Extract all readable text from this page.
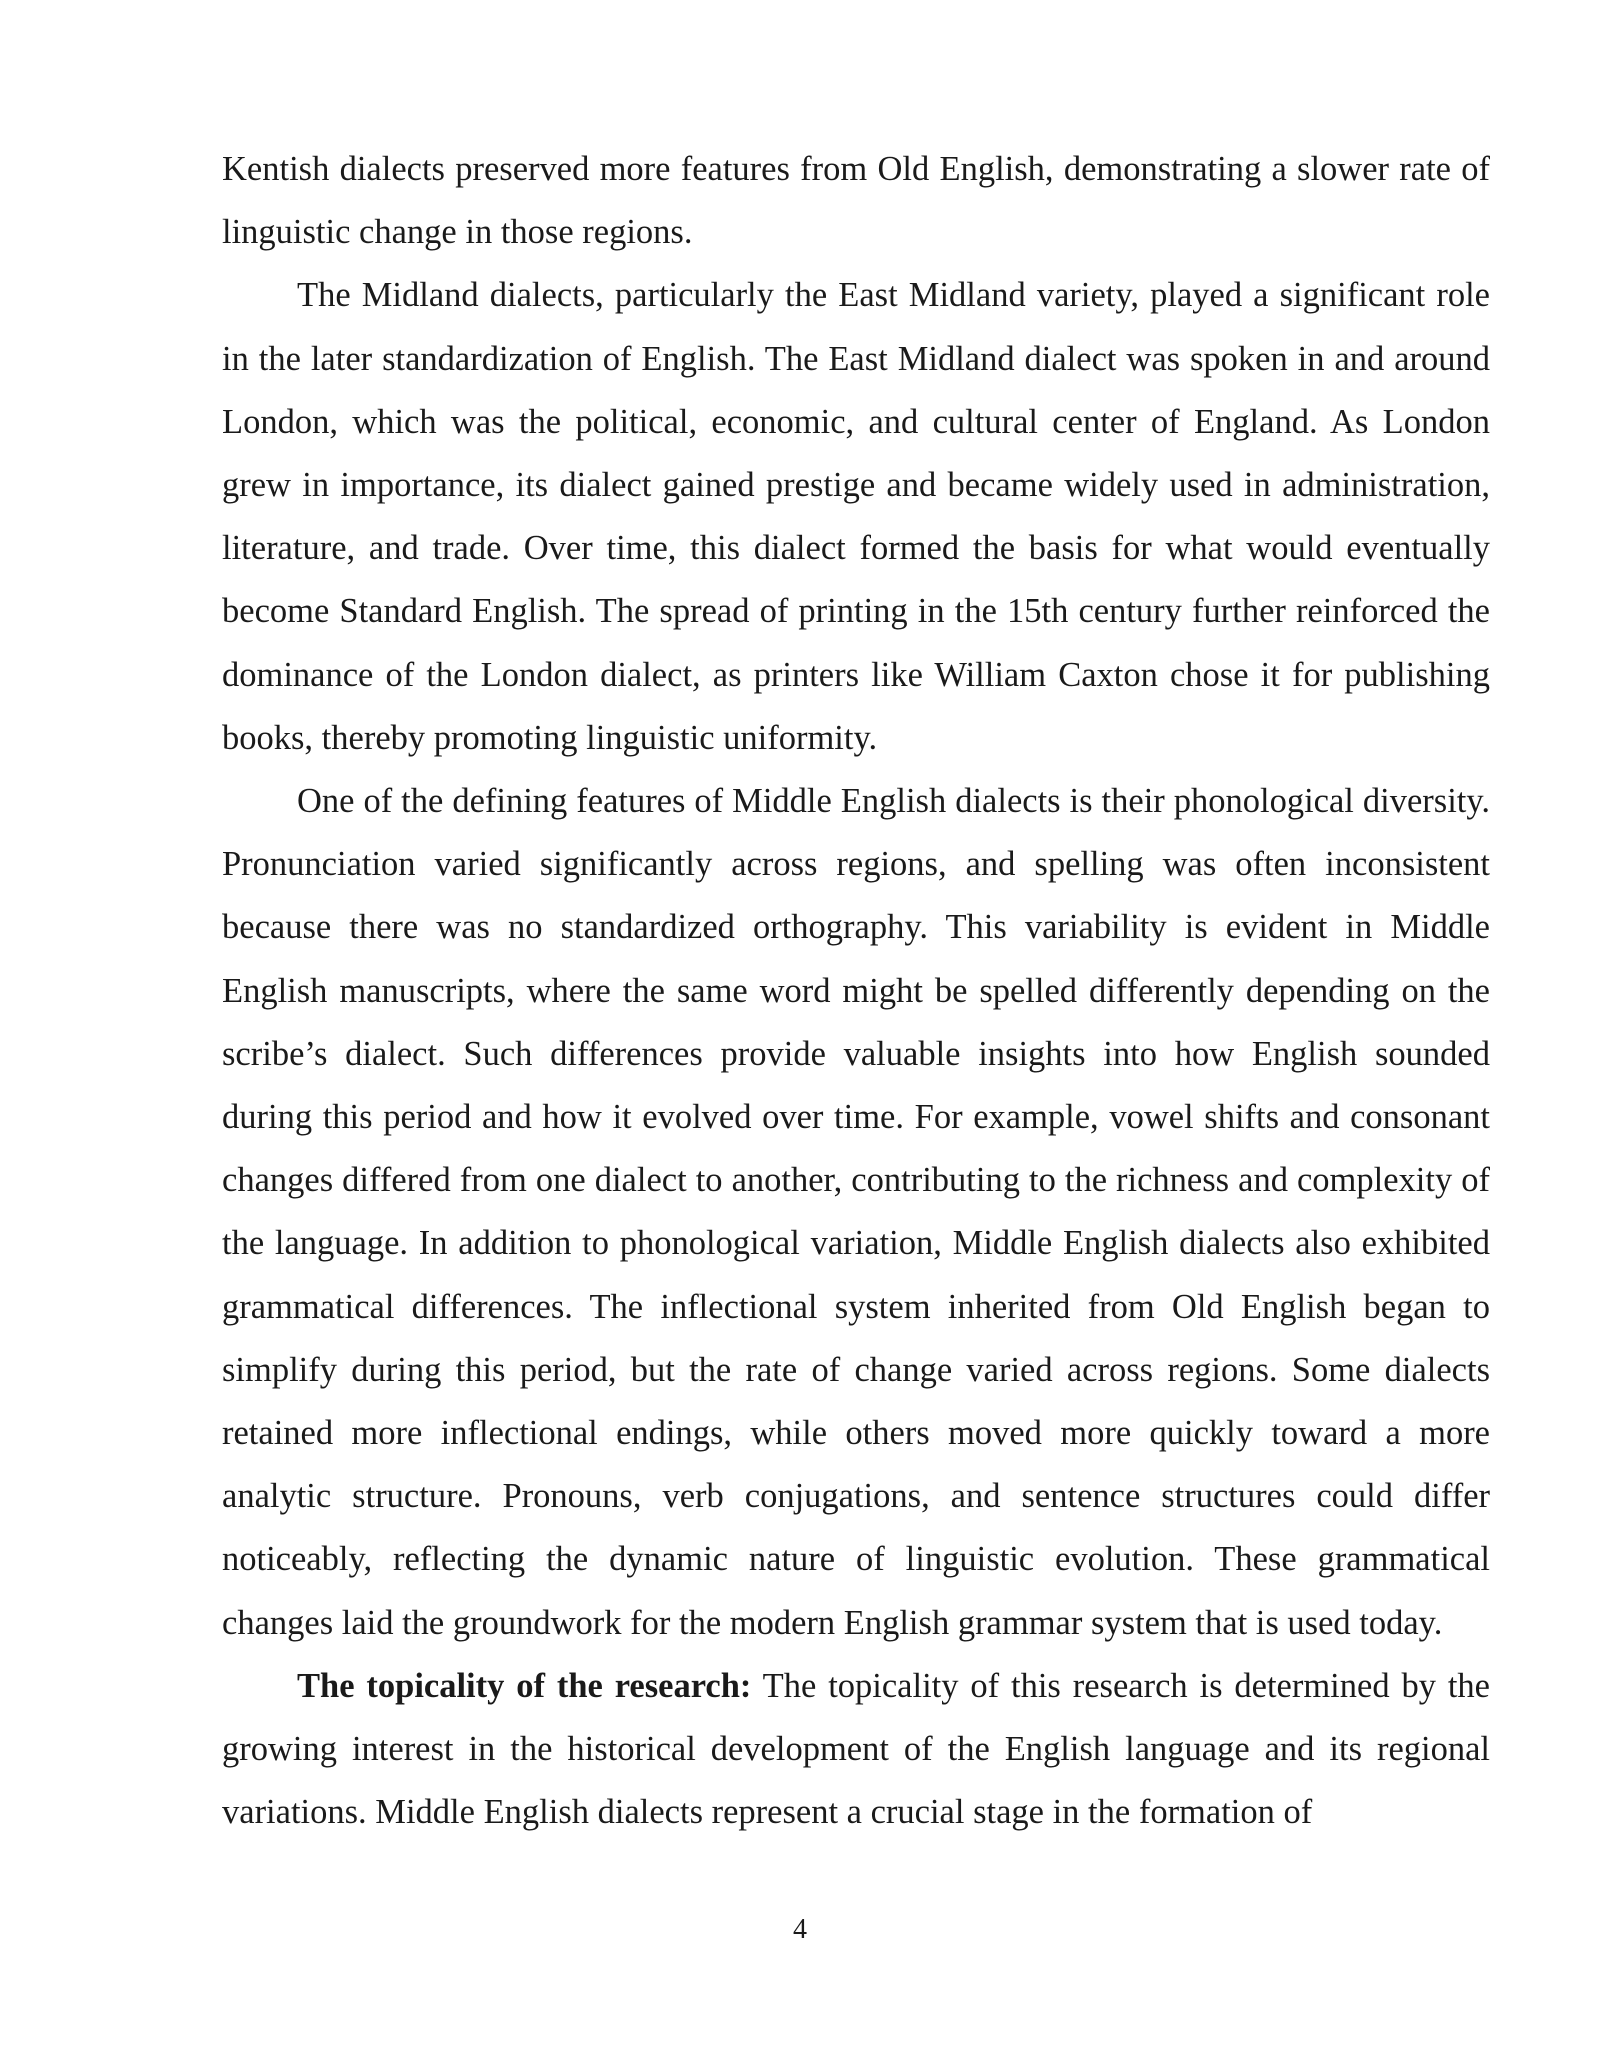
Kentish dialects preserved more features from Old English, demonstrating a slower rate of linguistic change in those regions.

The Midland dialects, particularly the East Midland variety, played a significant role in the later standardization of English. The East Midland dialect was spoken in and around London, which was the political, economic, and cultural center of England. As London grew in importance, its dialect gained prestige and became widely used in administration, literature, and trade. Over time, this dialect formed the basis for what would eventually become Standard English. The spread of printing in the 15th century further reinforced the dominance of the London dialect, as printers like William Caxton chose it for publishing books, thereby promoting linguistic uniformity.

One of the defining features of Middle English dialects is their phonological diversity. Pronunciation varied significantly across regions, and spelling was often inconsistent because there was no standardized orthography. This variability is evident in Middle English manuscripts, where the same word might be spelled differently depending on the scribe’s dialect. Such differences provide valuable insights into how English sounded during this period and how it evolved over time. For example, vowel shifts and consonant changes differed from one dialect to another, contributing to the richness and complexity of the language. In addition to phonological variation, Middle English dialects also exhibited grammatical differences. The inflectional system inherited from Old English began to simplify during this period, but the rate of change varied across regions. Some dialects retained more inflectional endings, while others moved more quickly toward a more analytic structure. Pronouns, verb conjugations, and sentence structures could differ noticeably, reflecting the dynamic nature of linguistic evolution. These grammatical changes laid the groundwork for the modern English grammar system that is used today.

The topicality of the research: The topicality of this research is determined by the growing interest in the historical development of the English language and its regional variations. Middle English dialects represent a crucial stage in the formation of

4
